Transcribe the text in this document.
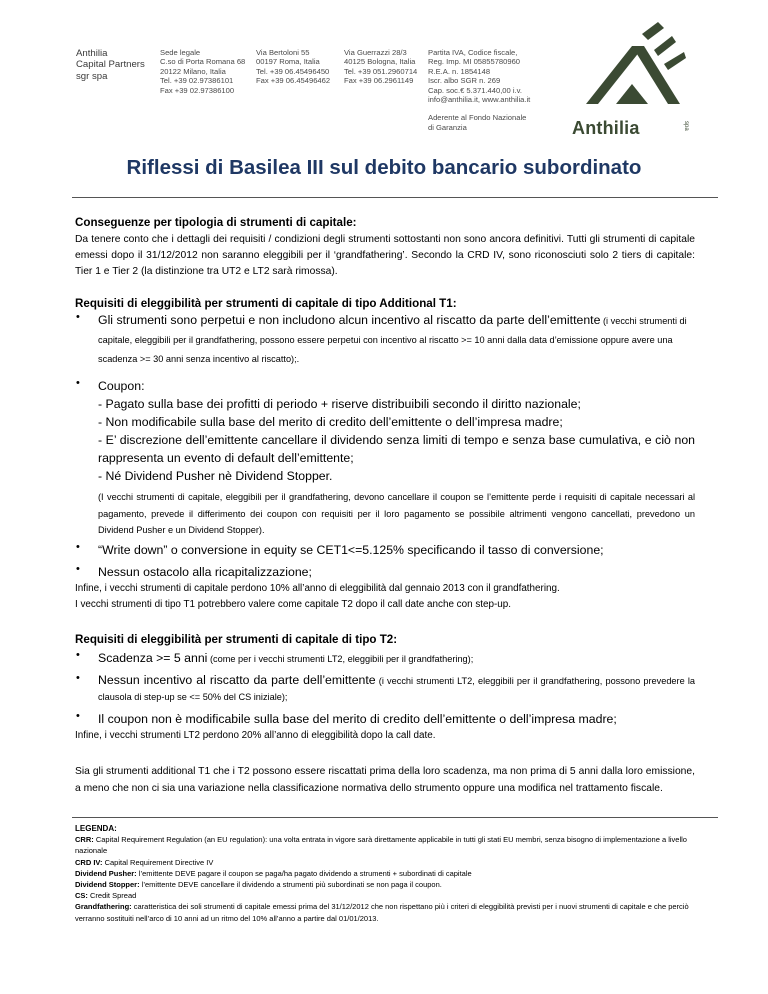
Anthilia
Capital Partners
sgr spa
Sede legale
C.so di Porta Romana 68
20122 Milano, Italia
Tel. +39 02.97386101
Fax +39 02.97386100
Via Bertoloni 55
00197 Roma, Italia
Tel. +39 06.45496450
Fax +39 06.45496462
Via Guerrazzi 28/3
40125 Bologna, Italia
Tel. +39 051.2960714
Fax +39 06.2961149
Partita IVA, Codice fiscale,
Reg. Imp. MI 05855780960
R.E.A. n. 1854148
Iscr. albo SGR n. 269
Cap. soc.€ 5.371.440,00 i.v.
info@anthilia.it, www.anthilia.it
Aderente al Fondo Nazionale
di Garanzia	Anthilia	spa
Riflessi di Basilea III sul debito bancario subordinato

Conseguenze per tipologia di strumenti di capitale:

Da tenere conto che i dettagli dei requisiti / condizioni degli strumenti sottostanti non sono ancora definitivi. Tutti gli strumenti di capitale emessi dopo il 31/12/2012 non saranno eleggibili per il ‘grandfathering’. Secondo la CRD IV, sono riconosciuti solo 2 tiers di capitale: Tier 1 e Tier 2 (la distinzione tra UT2 e LT2 sarà rimossa).

Requisiti di eleggibilità per strumenti di capitale di tipo Additional T1:

• Gli strumenti sono perpetui e non includono alcun incentivo al riscatto da parte dell’emittente (i vecchi strumenti di capitale, eleggibili per il grandfathering, possono essere perpetui con incentivo al riscatto >= 10 anni dalla data d’emissione oppure avere una scadenza >= 30 anni senza incentivo al riscatto);.
• Coupon:

- Pagato sulla base dei profitti di periodo + riserve distribuibili secondo il diritto nazionale;

- Non modificabile sulla base del merito di credito dell’emittente o dell’impresa madre;

- E’ discrezione dell’emittente cancellare il dividendo senza limiti di tempo e senza base cumulativa, e ciò non rappresenta un evento di default dell’emittente;

- Né Dividend Pusher nè Dividend Stopper.

(I vecchi strumenti di capitale, eleggibili per il grandfathering, devono cancellare il coupon se l’emittente perde i requisiti di capitale necessari al pagamento, prevede il differimento dei coupon con requisiti per il loro pagamento se possibile altrimenti vengono cancellati, prevedono un Dividend Pusher e un Dividend Stopper).

• “Write down” o conversione in equity se CET1<=5.125% specificando il tasso di conversione;

• Nessun ostacolo alla ricapitalizzazione;

Infine, i vecchi strumenti di capitale perdono 10% all’anno di eleggibilità dal gennaio 2013 con il grandfathering.

I vecchi strumenti di tipo T1 potrebbero valere come capitale T2 dopo il call date anche con step-up.

Requisiti di eleggibilità per strumenti di capitale di tipo T2:

• Scadenza >= 5 anni (come per i vecchi strumenti LT2, eleggibili per il grandfathering);
• Nessun incentivo al riscatto da parte dell’emittente (i vecchi strumenti LT2, eleggibili per il grandfathering, possono prevedere la clausola di step-up se <= 50% del CS iniziale);

• Il coupon non è modificabile sulla base del merito di credito dell’emittente o dell’impresa madre;

Infine, i vecchi strumenti LT2 perdono 20% all’anno di eleggibilità dopo la call date.

Sia gli strumenti additional T1 che i T2 possono essere riscattati prima della loro scadenza, ma non prima di 5 anni dalla loro emissione, a meno che non ci sia una variazione nella classificazione normativa dello strumento oppure una modifica nel trattamento fiscale.

LEGENDA:
CRR: Capital Requirement Regulation (an EU regulation): una volta entrata in vigore sarà direttamente applicabile in tutti gli stati EU membri, senza bisogno di implementazione a livello nazionale
CRD IV: Capital Requirement Directive IV
Dividend Pusher: l’emittente DEVE pagare il coupon se paga/ha pagato dividendo a strumenti + subordinati di capitale
Dividend Stopper: l’emittente DEVE cancellare il dividendo a strumenti più subordinati se non paga il coupon.
CS: Credit Spread
Grandfathering: caratteristica dei soli strumenti di capitale emessi prima del 31/12/2012 che non rispettano più i criteri di eleggibilità previsti per i nuovi strumenti di capitale e che perciò verranno sostituiti nell’arco di 10 anni ad un ritmo del 10% all’anno a partire dal 01/01/2013.
